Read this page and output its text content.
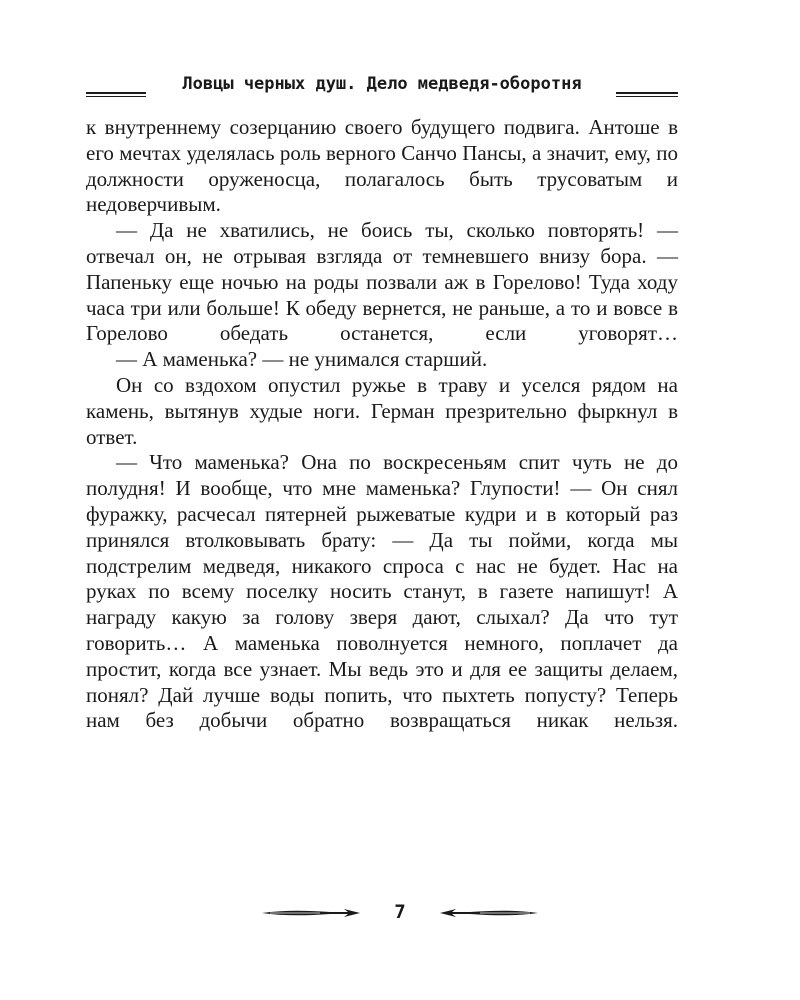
Ловцы черных душ. Дело медведя-оборотня

к внутреннему созерцанию своего будущего подвига. Антоше в его мечтах уделялась роль верного Санчо Пансы, а значит, ему, по должности оруженосца, полагалось быть трусоватым и недоверчивым.

— Да не хватились, не боись ты, сколько повторять! — отвечал он, не отрывая взгляда от темневшего внизу бора. — Папеньку еще ночью на роды позвали аж в Горелово! Туда ходу часа три или больше! К обеду вернется, не раньше, а то и вовсе в Горелово обедать останется, если уговорят…

— А маменька? — не унимался старший.

Он со вздохом опустил ружье в траву и уселся рядом на камень, вытянув худые ноги. Герман презрительно фыркнул в ответ.

— Что маменька? Она по воскресеньям спит чуть не до полудня! И вообще, что мне маменька? Глупости! — Он снял фуражку, расчесал пятерней рыжеватые кудри и в который раз принялся втолковывать брату: — Да ты пойми, когда мы подстрелим медведя, никакого спроса с нас не будет. Нас на руках по всему поселку носить станут, в газете напишут! А награду какую за голову зверя дают, слыхал? Да что тут говорить… А маменька поволнуется немного, поплачет да простит, когда все узнает. Мы ведь это и для ее защиты делаем, понял? Дай лучше воды попить, что пыхтеть попусту? Теперь нам без добычи обратно возвращаться никак нельзя.

7
